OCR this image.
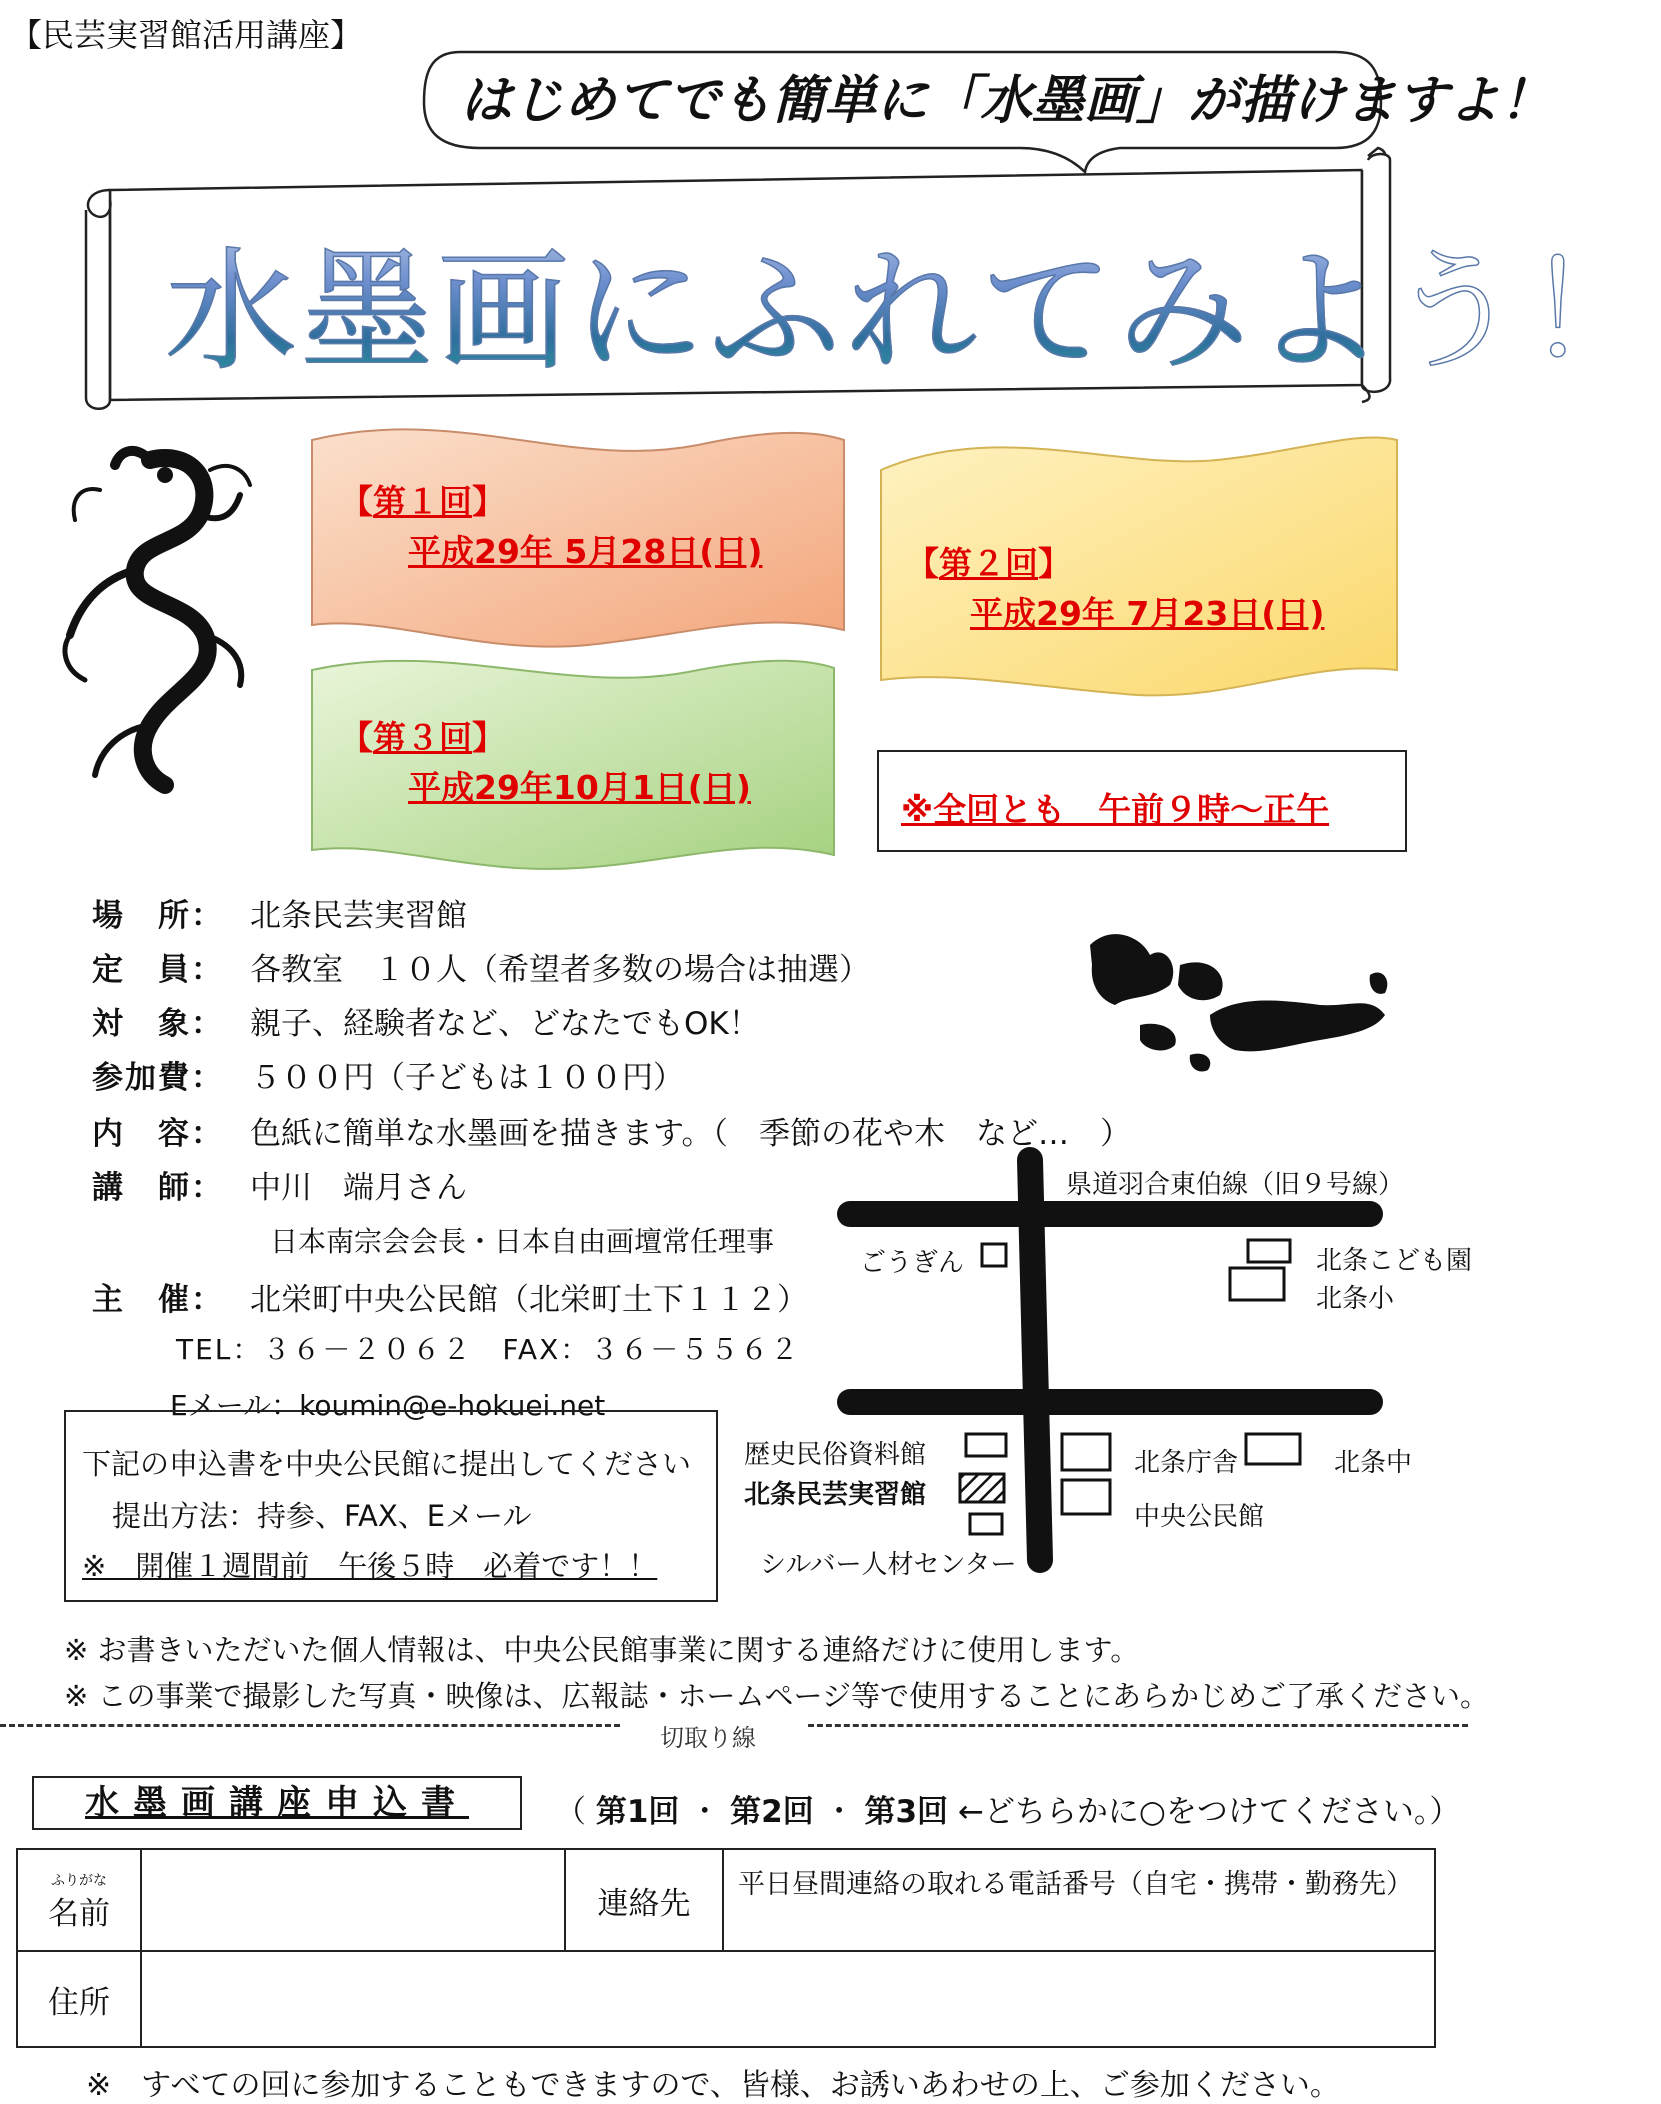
【民芸実習館活用講座】
はじめてでも簡単に「水墨画」が描けますよ！
水墨画にふれてみよう！
【第１回】
平成29年 5月28日(日)	【第２回】
平成29年 7月23日(日)
【第３回】
平成29年10月1日(日)
※全回とも　午前９時～正午
場　所： 北条民芸実習館
定　員： 各教室　１０人（希望者多数の場合は抽選）
対　象： 親子、経験者など、どなたでもOK！
参加費： ５００円（子どもは１００円）
内　容： 色紙に簡単な水墨画を描きます。（　季節の花や木　など…　）
講　師： 中川　端月さん
日本南宗会会長・日本自由画壇常任理事
主　催： 北栄町中央公民館（北栄町土下１１２）
TEL：３６－２０６２　FAX：３６－５５６２
Eメール：koumin@e-hokuei.net
県道羽合東伯線（旧９号線）
ごうぎん	北条こども園
北条小
歴史民俗資料館
北条民芸実習館
シルバー人材センター
北条庁舎	北条中
中央公民館
下記の申込書を中央公民館に提出してください
提出方法：持参、FAX、Eメール
※　開催１週間前　午後５時　必着です！！
※ お書きいただいた個人情報は、中央公民館事業に関する連絡だけに使用します。
※ この事業で撮影した写真・映像は、広報誌・ホームページ等で使用することにあらかじめご了承ください。
切取り線
水墨画講座申込書	（ 第1回 ・ 第2回 ・ 第3回 ←どちらかに○をつけてください。）
ふりがな
名前		連絡先	平日昼間連絡の取れる電話番号（自宅・携帯・勤務先）
住所			
※　すべての回に参加することもできますので、皆様、お誘いあわせの上、ご参加ください。
